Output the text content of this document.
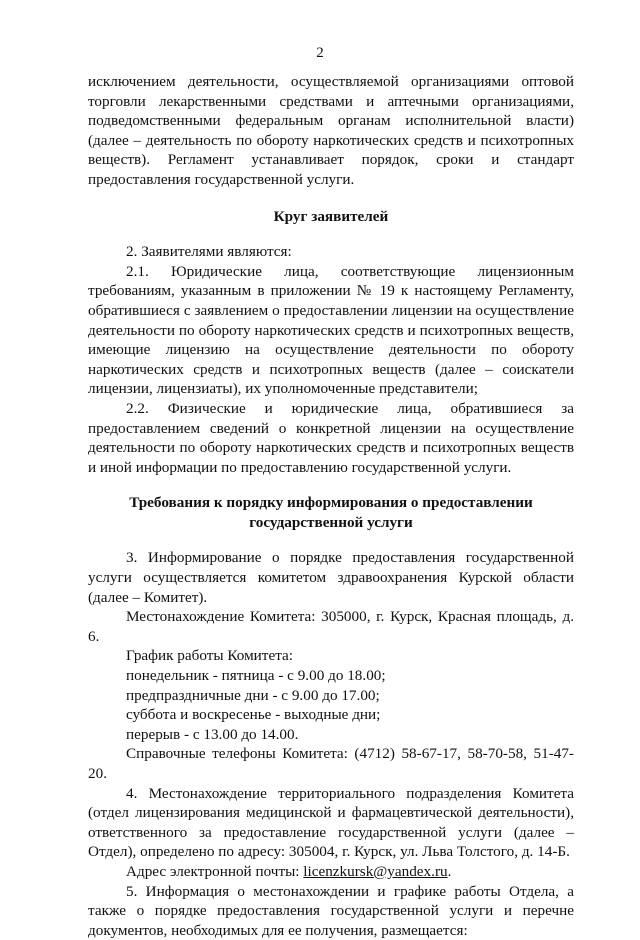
2

исключением деятельности, осуществляемой организациями оптовой торговли лекарственными средствами и аптечными организациями, подведомственными федеральным органам исполнительной власти) (далее – деятельность по обороту наркотических средств и психотропных веществ). Регламент устанавливает порядок, сроки и стандарт предоставления государственной услуги.

Круг заявителей

2. Заявителями являются:

2.1. Юридические лица, соответствующие лицензионным требованиям, указанным в приложении № 19 к настоящему Регламенту, обратившиеся с заявлением о предоставлении лицензии на осуществление деятельности по обороту наркотических средств и психотропных веществ, имеющие лицензию на осуществление деятельности по обороту наркотических средств и психотропных веществ (далее – соискатели лицензии, лицензиаты), их уполномоченные представители;

2.2. Физические и юридические лица, обратившиеся за предоставлением сведений о конкретной лицензии на осуществление деятельности по обороту наркотических средств и психотропных веществ и иной информации по предоставлению государственной услуги.

Требования к порядку информирования о предоставлении
государственной услуги

3. Информирование о порядке предоставления государственной услуги осуществляется комитетом здравоохранения Курской области (далее – Комитет).

Местонахождение Комитета: 305000, г. Курск, Красная площадь, д. 6.

График работы Комитета:

понедельник - пятница - с 9.00 до 18.00;

предпраздничные дни - с 9.00 до 17.00;

суббота и воскресенье - выходные дни;

перерыв - с 13.00 до 14.00.

Справочные телефоны Комитета: (4712) 58-67-17, 58-70-58, 51-47-20.

4. Местонахождение территориального подразделения Комитета (отдел лицензирования медицинской и фармацевтической деятельности), ответственного за предоставление государственной услуги (далее – Отдел), определено по адресу: 305004, г. Курск, ул. Льва Толстого, д. 14-Б.

Адрес электронной почты: licenzkursk@yandex.ru.

5. Информация о местонахождении и графике работы Отдела, а также о порядке предоставления государственной услуги и перечне документов, необходимых для ее получения, размещается:
